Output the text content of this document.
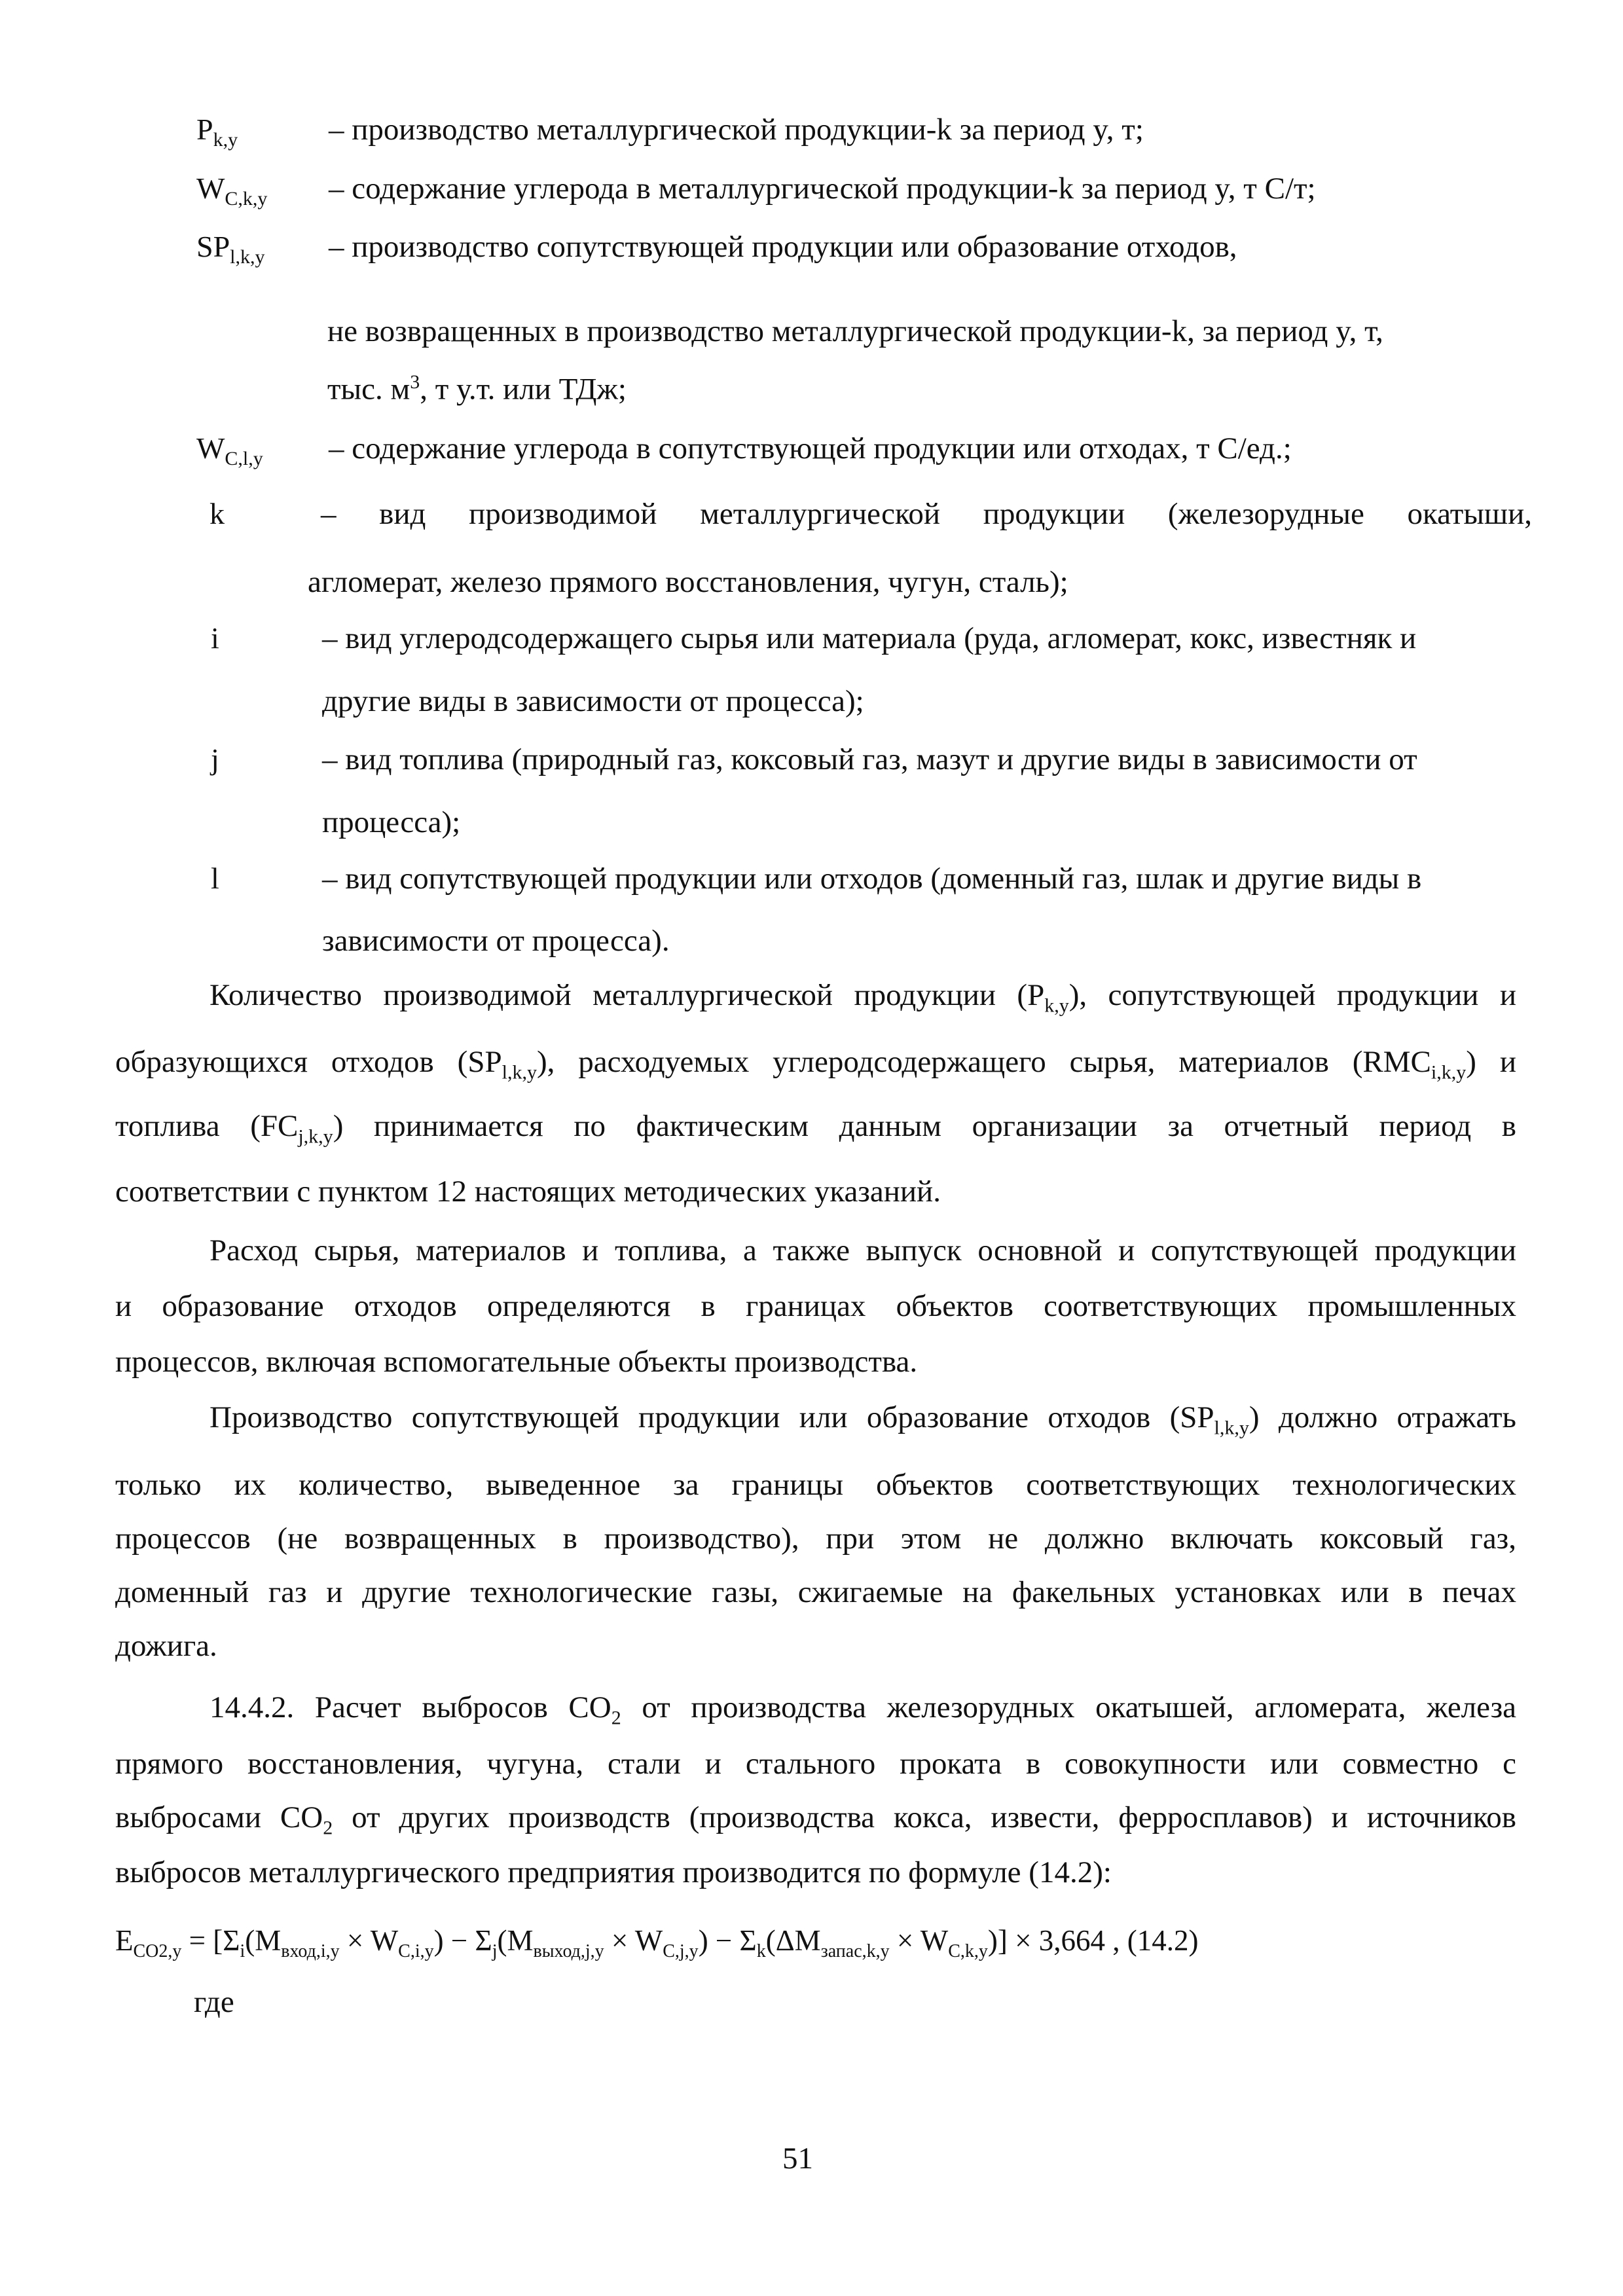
$P_{k,y}$	– производство металлургической продукции-k за период y, т;
$W_{C,k,y}$ – содержание углерода в металлургической продукции-k за период y, т С/т;
$SP_{l,k,y}$ – производство сопутствующей продукции или образование отходов,
не возвращенных в производство металлургической продукции-k, за период y, т,
тыс. $м^3$, т у.т. или ТДж;
$W_{C,l,y}$ – содержание углерода в сопутствующей продукции или отходах, т С/ед.;
k	– вид производимой металлургической продукции (железорудные окатыши,
агломерат, железо прямого восстановления, чугун, сталь);
i	– вид углеродсодержащего сырья или материала (руда, агломерат, кокс, известняк и
другие виды в зависимости от процесса);
j	– вид топлива (природный газ, коксовый газ, мазут и другие виды в зависимости от
процесса);
l	– вид сопутствующей продукции или отходов (доменный газ, шлак и другие виды в
зависимости от процесса).
Количество производимой металлургической продукции $(P_{k,y})$, сопутствующей продукции и
образующихся отходов $(SP_{l,k,y})$, расходуемых углеродсодержащего сырья, материалов $(RMC_{i,k,y})$ и
топлива $(FC_{j,k,y})$ принимается по фактическим данным организации за отчетный период в
соответствии с пунктом 12 настоящих методических указаний.
Расход сырья, материалов и топлива, а также выпуск основной и сопутствующей продукции
и образование отходов определяются в границах объектов соответствующих промышленных
процессов, включая вспомогательные объекты производства.
Производство сопутствующей продукции или образование отходов $(SP_{l,k,y})$ должно отражать
только их количество, выведенное за границы объектов соответствующих технологических
процессов (не возвращенных в производство), при этом не должно включать коксовый газ,
доменный газ и другие технологические газы, сжигаемые на факельных установках или в печах
дожига.
14.4.2. Расчет выбросов $CO_2$ от производства железорудных окатышей, агломерата, железа
прямого восстановления, чугуна, стали и стального проката в совокупности или совместно с
выбросами $CO_2$ от других производств (производства кокса, извести, ферросплавов) и источников
выбросов металлургического предприятия производится по формуле (14.2):
$E_{CO2,y} = [\Sigma_i(M_{вход,i,y} \times W_{C,i,y}) - \Sigma_j(M_{выход,j,y} \times W_{C,j,y}) - \Sigma_k(\Delta M_{запас,k,y} \times W_{C,k,y})] \times 3,664$ , (14.2)
где
51
